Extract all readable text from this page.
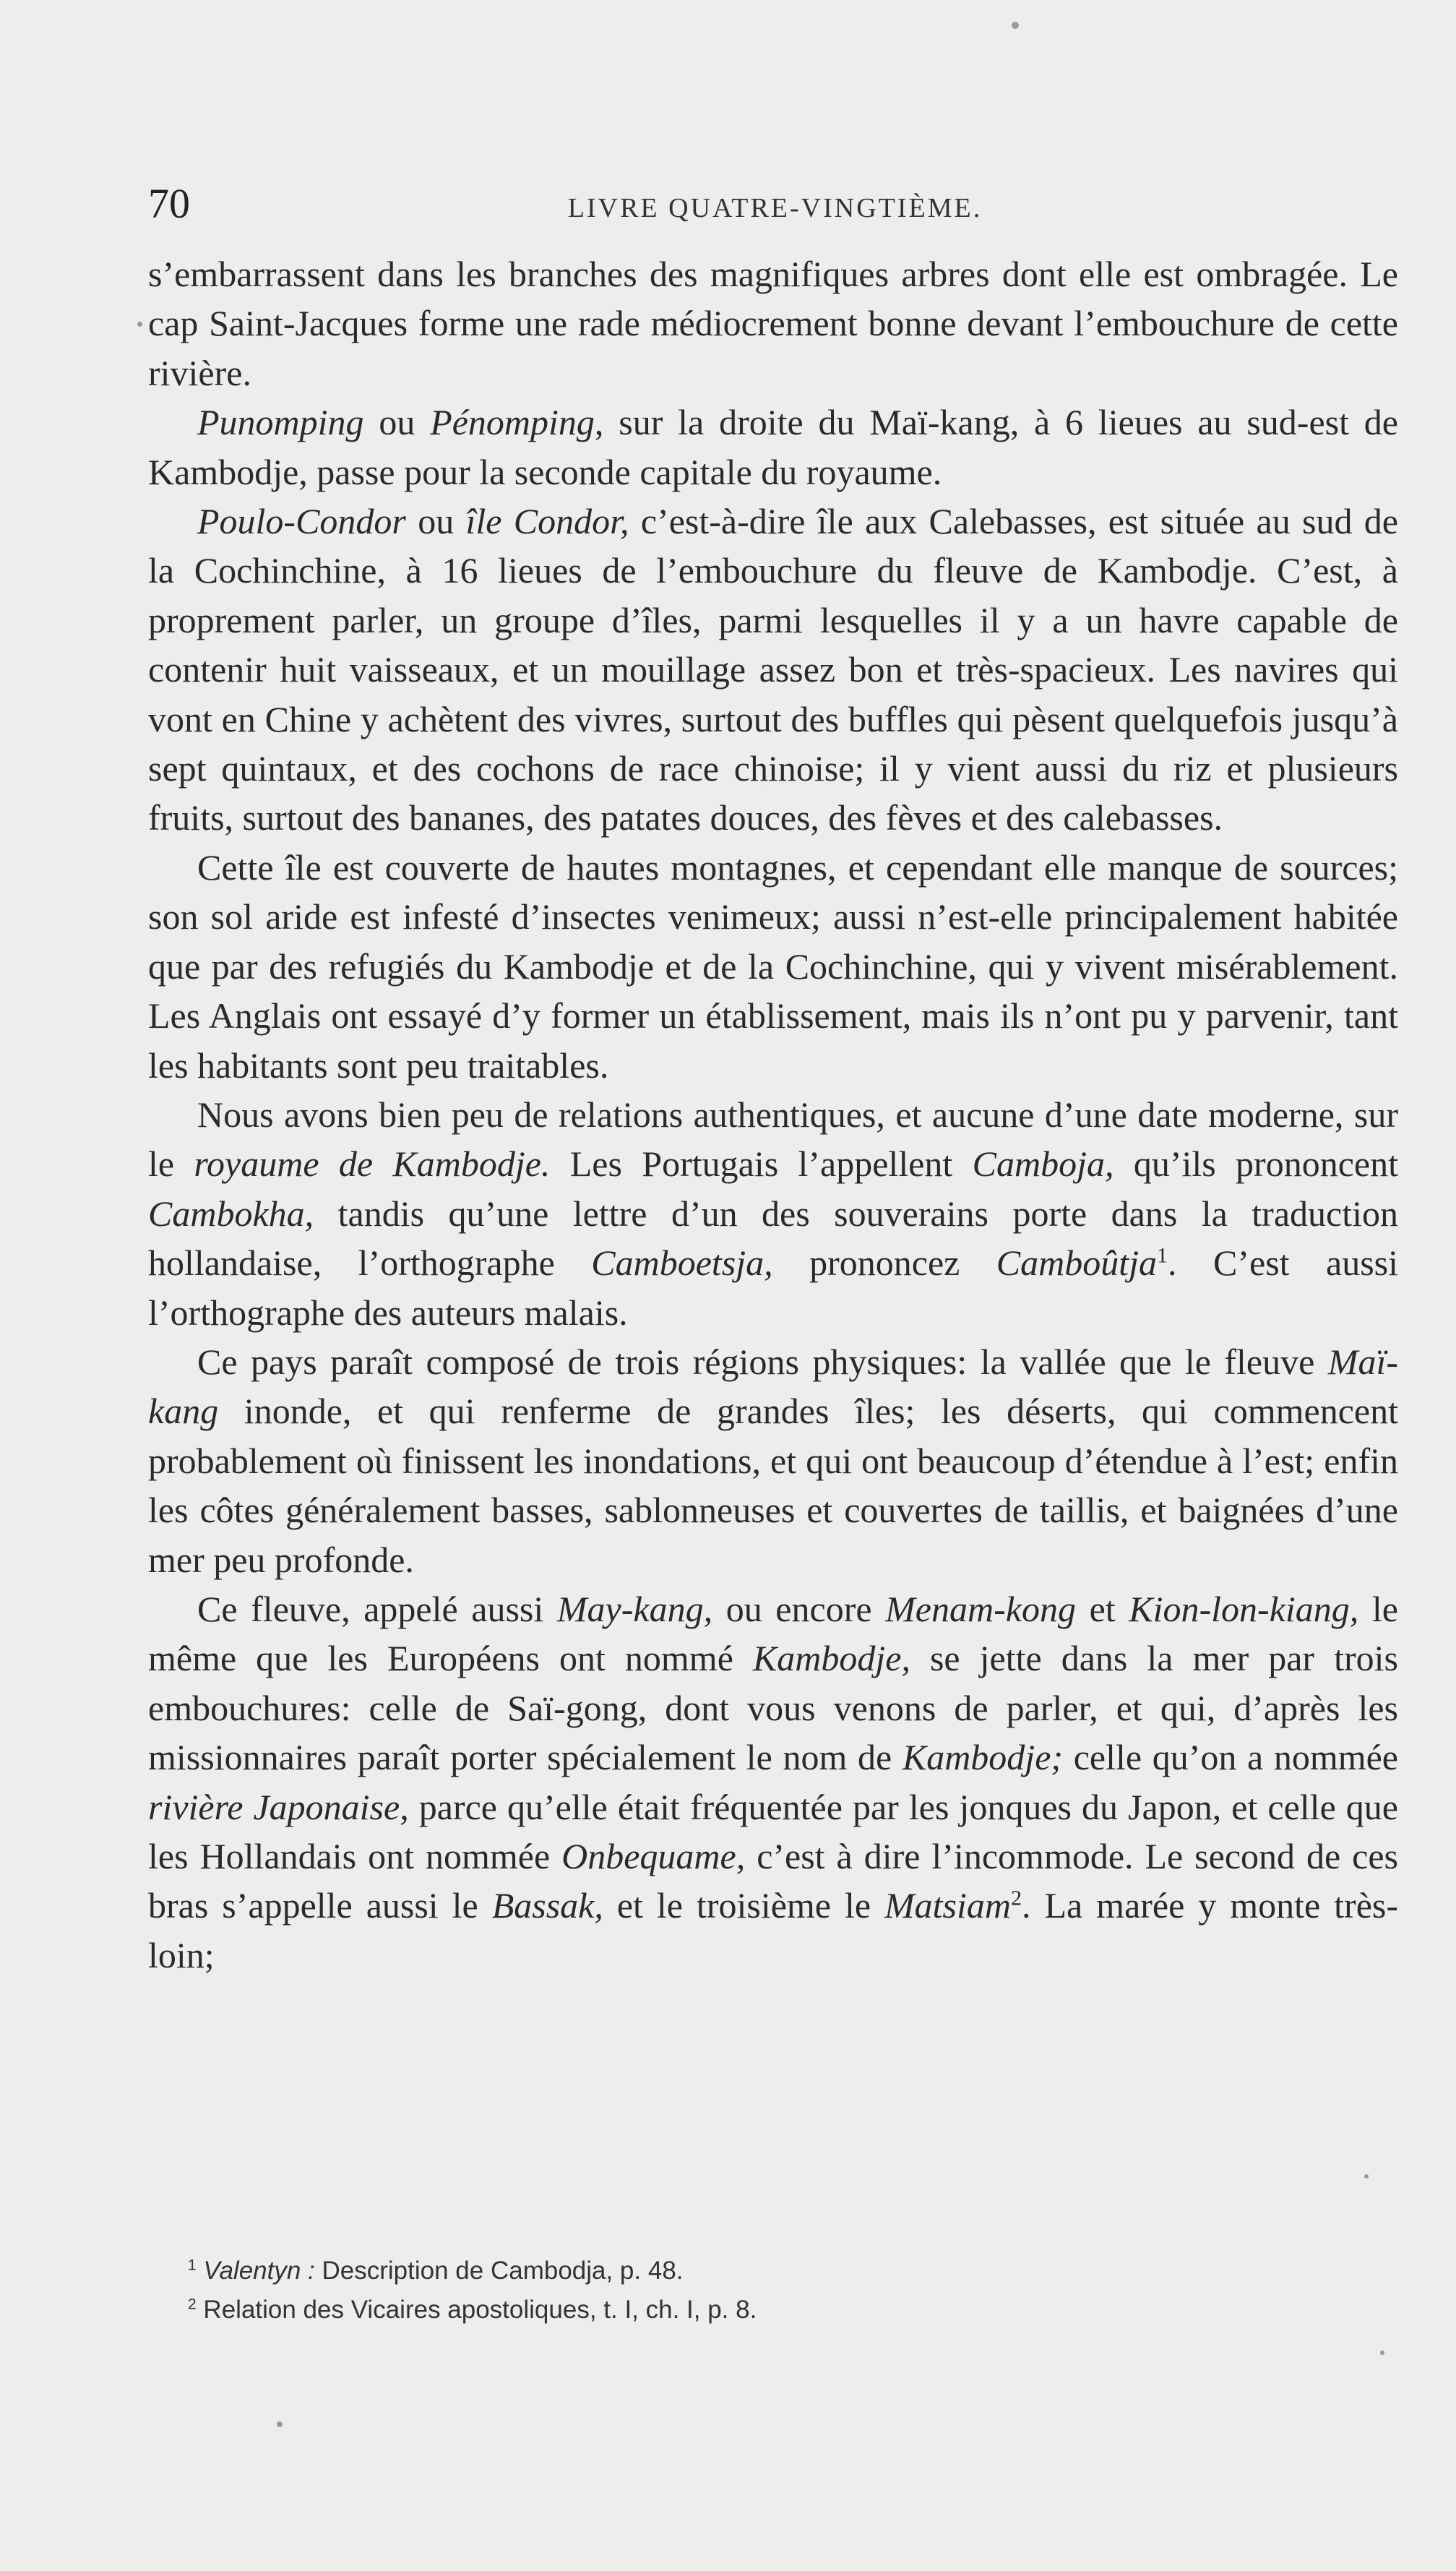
70	LIVRE QUATRE-VINGTIÈME.

s’embarrassent dans les branches des magnifiques arbres dont elle est ombragée. Le cap Saint-Jacques forme une rade médiocrement bonne devant l’embouchure de cette rivière.

Punomping ou Pénomping, sur la droite du Maï-kang, à 6 lieues au sud-est de Kambodje, passe pour la seconde capitale du royaume.

Poulo-Condor ou île Condor, c’est-à-dire île aux Calebasses, est située au sud de la Cochinchine, à 16 lieues de l’embouchure du fleuve de Kambodje. C’est, à proprement parler, un groupe d’îles, parmi lesquelles il y a un havre capable de contenir huit vaisseaux, et un mouillage assez bon et très-spacieux. Les navires qui vont en Chine y achètent des vivres, surtout des buffles qui pèsent quelquefois jusqu’à sept quintaux, et des cochons de race chinoise; il y vient aussi du riz et plusieurs fruits, surtout des bananes, des patates douces, des fèves et des calebasses.

Cette île est couverte de hautes montagnes, et cependant elle manque de sources; son sol aride est infesté d’insectes venimeux; aussi n’est-elle principalement habitée que par des refugiés du Kambodje et de la Cochinchine, qui y vivent misérablement. Les Anglais ont essayé d’y former un établissement, mais ils n’ont pu y parvenir, tant les habitants sont peu traitables.

Nous avons bien peu de relations authentiques, et aucune d’une date moderne, sur le royaume de Kambodje. Les Portugais l’appellent Camboja, qu’ils prononcent Cambokha, tandis qu’une lettre d’un des souverains porte dans la traduction hollandaise, l’orthographe Camboetsja, prononcez Camboûtja$^1$. C’est aussi l’orthographe des auteurs malais.

Ce pays paraît composé de trois régions physiques: la vallée que le fleuve Maï-kang inonde, et qui renferme de grandes îles; les déserts, qui commencent probablement où finissent les inondations, et qui ont beaucoup d’étendue à l’est; enfin les côtes généralement basses, sablonneuses et couvertes de taillis, et baignées d’une mer peu profonde.

Ce fleuve, appelé aussi May-kang, ou encore Menam-kong et Kion-lon-kiang, le même que les Européens ont nommé Kambodje, se jette dans la mer par trois embouchures: celle de Saï-gong, dont vous venons de parler, et qui, d’après les missionnaires paraît porter spécialement le nom de Kambodje; celle qu’on a nommée rivière Japonaise, parce qu’elle était fréquentée par les jonques du Japon, et celle que les Hollandais ont nommée Onbequame, c’est à dire l’incommode. Le second de ces bras s’appelle aussi le Bassak, et le troisième le Matsiam$^2$. La marée y monte très-loin;

$^1$ Valentyn : Description de Cambodja, p. 48.

$^2$ Relation des Vicaires apostoliques, t. I, ch. I, p. 8.
